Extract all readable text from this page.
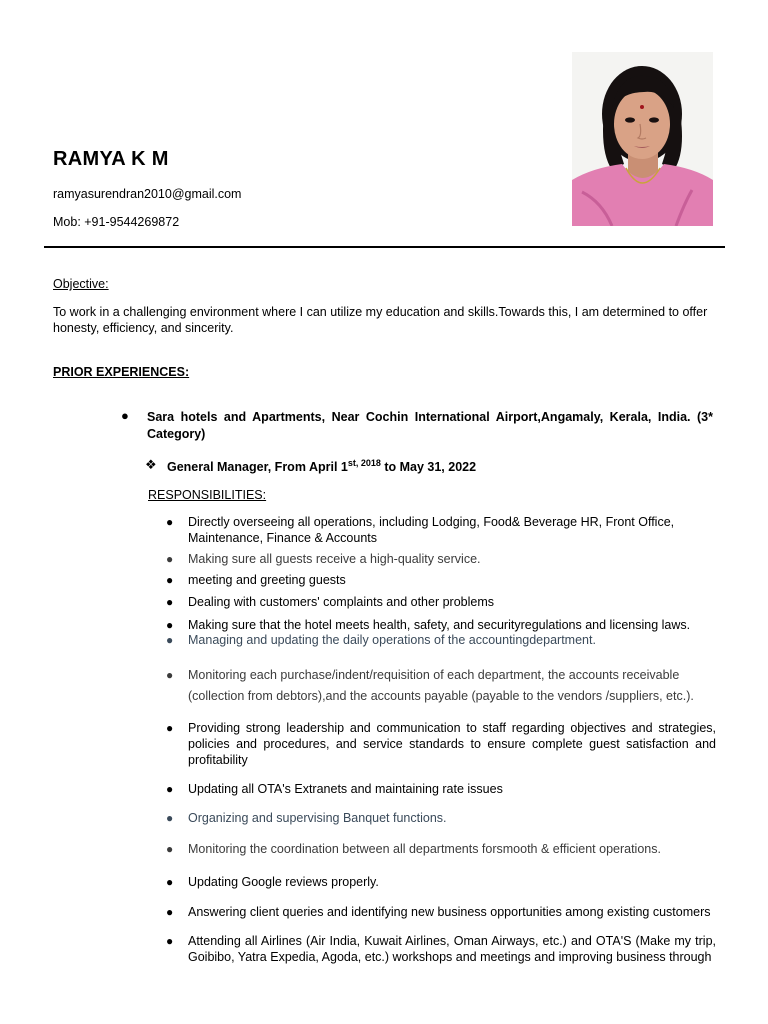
RAMYA K M
ramyasurendran2010@gmail.com
Mob: +91-9544269872
Objective:
To work in a challenging environment where I can utilize my education and skills.Towards this, I am determined to offer honesty, efficiency, and sincerity.
PRIOR EXPERIENCES:
● Sara hotels and Apartments, Near Cochin International Airport,Angamaly, Kerala, India. (3* Category)
❖ General Manager, From April $1^{st, 2018}$ to May 31, 2022
RESPONSIBILITIES:
● Directly overseeing all operations, including Lodging, Food& Beverage HR, Front Office, Maintenance, Finance & Accounts
● Making sure all guests receive a high-quality service.
● meeting and greeting guests
● Dealing with customers' complaints and other problems
● Making sure that the hotel meets health, safety, and securityregulations and licensing laws.
● Managing and updating the daily operations of the accountingdepartment.
● Monitoring each purchase/indent/requisition of each department, the accounts receivable (collection from debtors),and the accounts payable (payable to the vendors /suppliers, etc.).
● Providing strong leadership and communication to staff regarding objectives and strategies, policies and procedures, and service standards to ensure complete guest satisfaction and profitability
● Updating all OTA's Extranets and maintaining rate issues
● Organizing and supervising Banquet functions.
● Monitoring the coordination between all departments forsmooth & efficient operations.
● Updating Google reviews properly.
● Answering client queries and identifying new business opportunities among existing customers
● Attending all Airlines (Air India, Kuwait Airlines, Oman Airways, etc.) and OTA'S (Make my trip, Goibibo, Yatra Expedia, Agoda, etc.) workshops and meetings and improving business through
